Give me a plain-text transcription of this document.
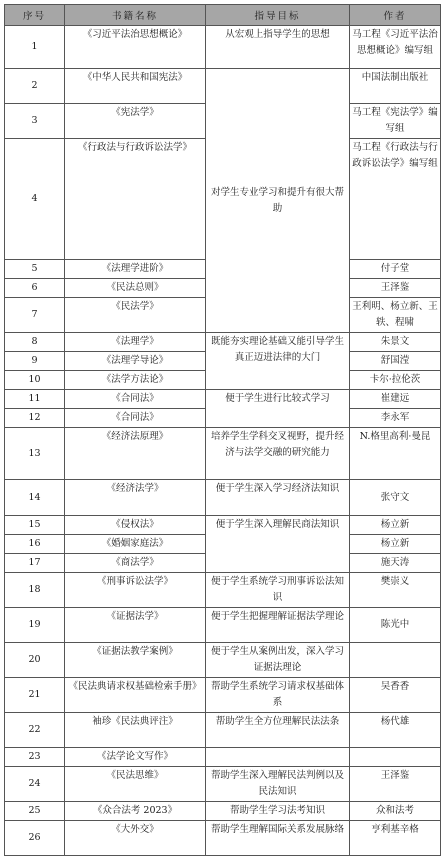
序号	书籍名称	指导目标	作者
1	《习近平法治思想概论》	从宏观上指导学生的思想	马工程《习近平法治思想概论》编写组
2	《中华人民共和国宪法》	对学生专业学习和提升有很大帮助	中国法制出版社
3	《宪法学》		马工程《宪法学》编写组
4	《行政法与行政诉讼法学》		马工程《行政法与行政诉讼法学》编写组
5	《法理学进阶》		付子堂
6	《民法总则》		王泽鉴
7	《民法学》		王利明、杨立新、王轶、程啸
8	《法理学》	既能夯实理论基础又能引导学生真正迈进法律的大门	朱景文
9	《法理学导论》		舒国滢
10	《法学方法论》		卡尔·拉伦茨
11	《合同法》	便于学生进行比较式学习	崔建远
12	《合同法》		李永军
13	《经济法原理》	培养学生学科交叉视野，提升经济与法学交融的研究能力	N.格里高利·曼昆
14	《经济法学》	便于学生深入学习经济法知识	张守文
15	《侵权法》	便于学生深入理解民商法知识	杨立新
16	《婚姻家庭法》		杨立新
17	《商法学》		施天涛
18	《刑事诉讼法学》	便于学生系统学习刑事诉讼法知识	樊崇义
19	《证据法学》	便于学生把握理解证据法学理论	陈光中
20	《证据法教学案例》	便于学生从案例出发，深入学习证据法理论	
21	《民法典请求权基础检索手册》	帮助学生系统学习请求权基础体系	吴香香
22	袖珍《民法典评注》	帮助学生全方位理解民法法条	杨代雄
23	《法学论文写作》		
24	《民法思维》	帮助学生深入理解民法判例以及民法知识	王泽鉴
25	《众合法考 2023》	帮助学生学习法考知识	众和法考
26	《大外交》	帮助学生理解国际关系发展脉络	亨利基辛格
